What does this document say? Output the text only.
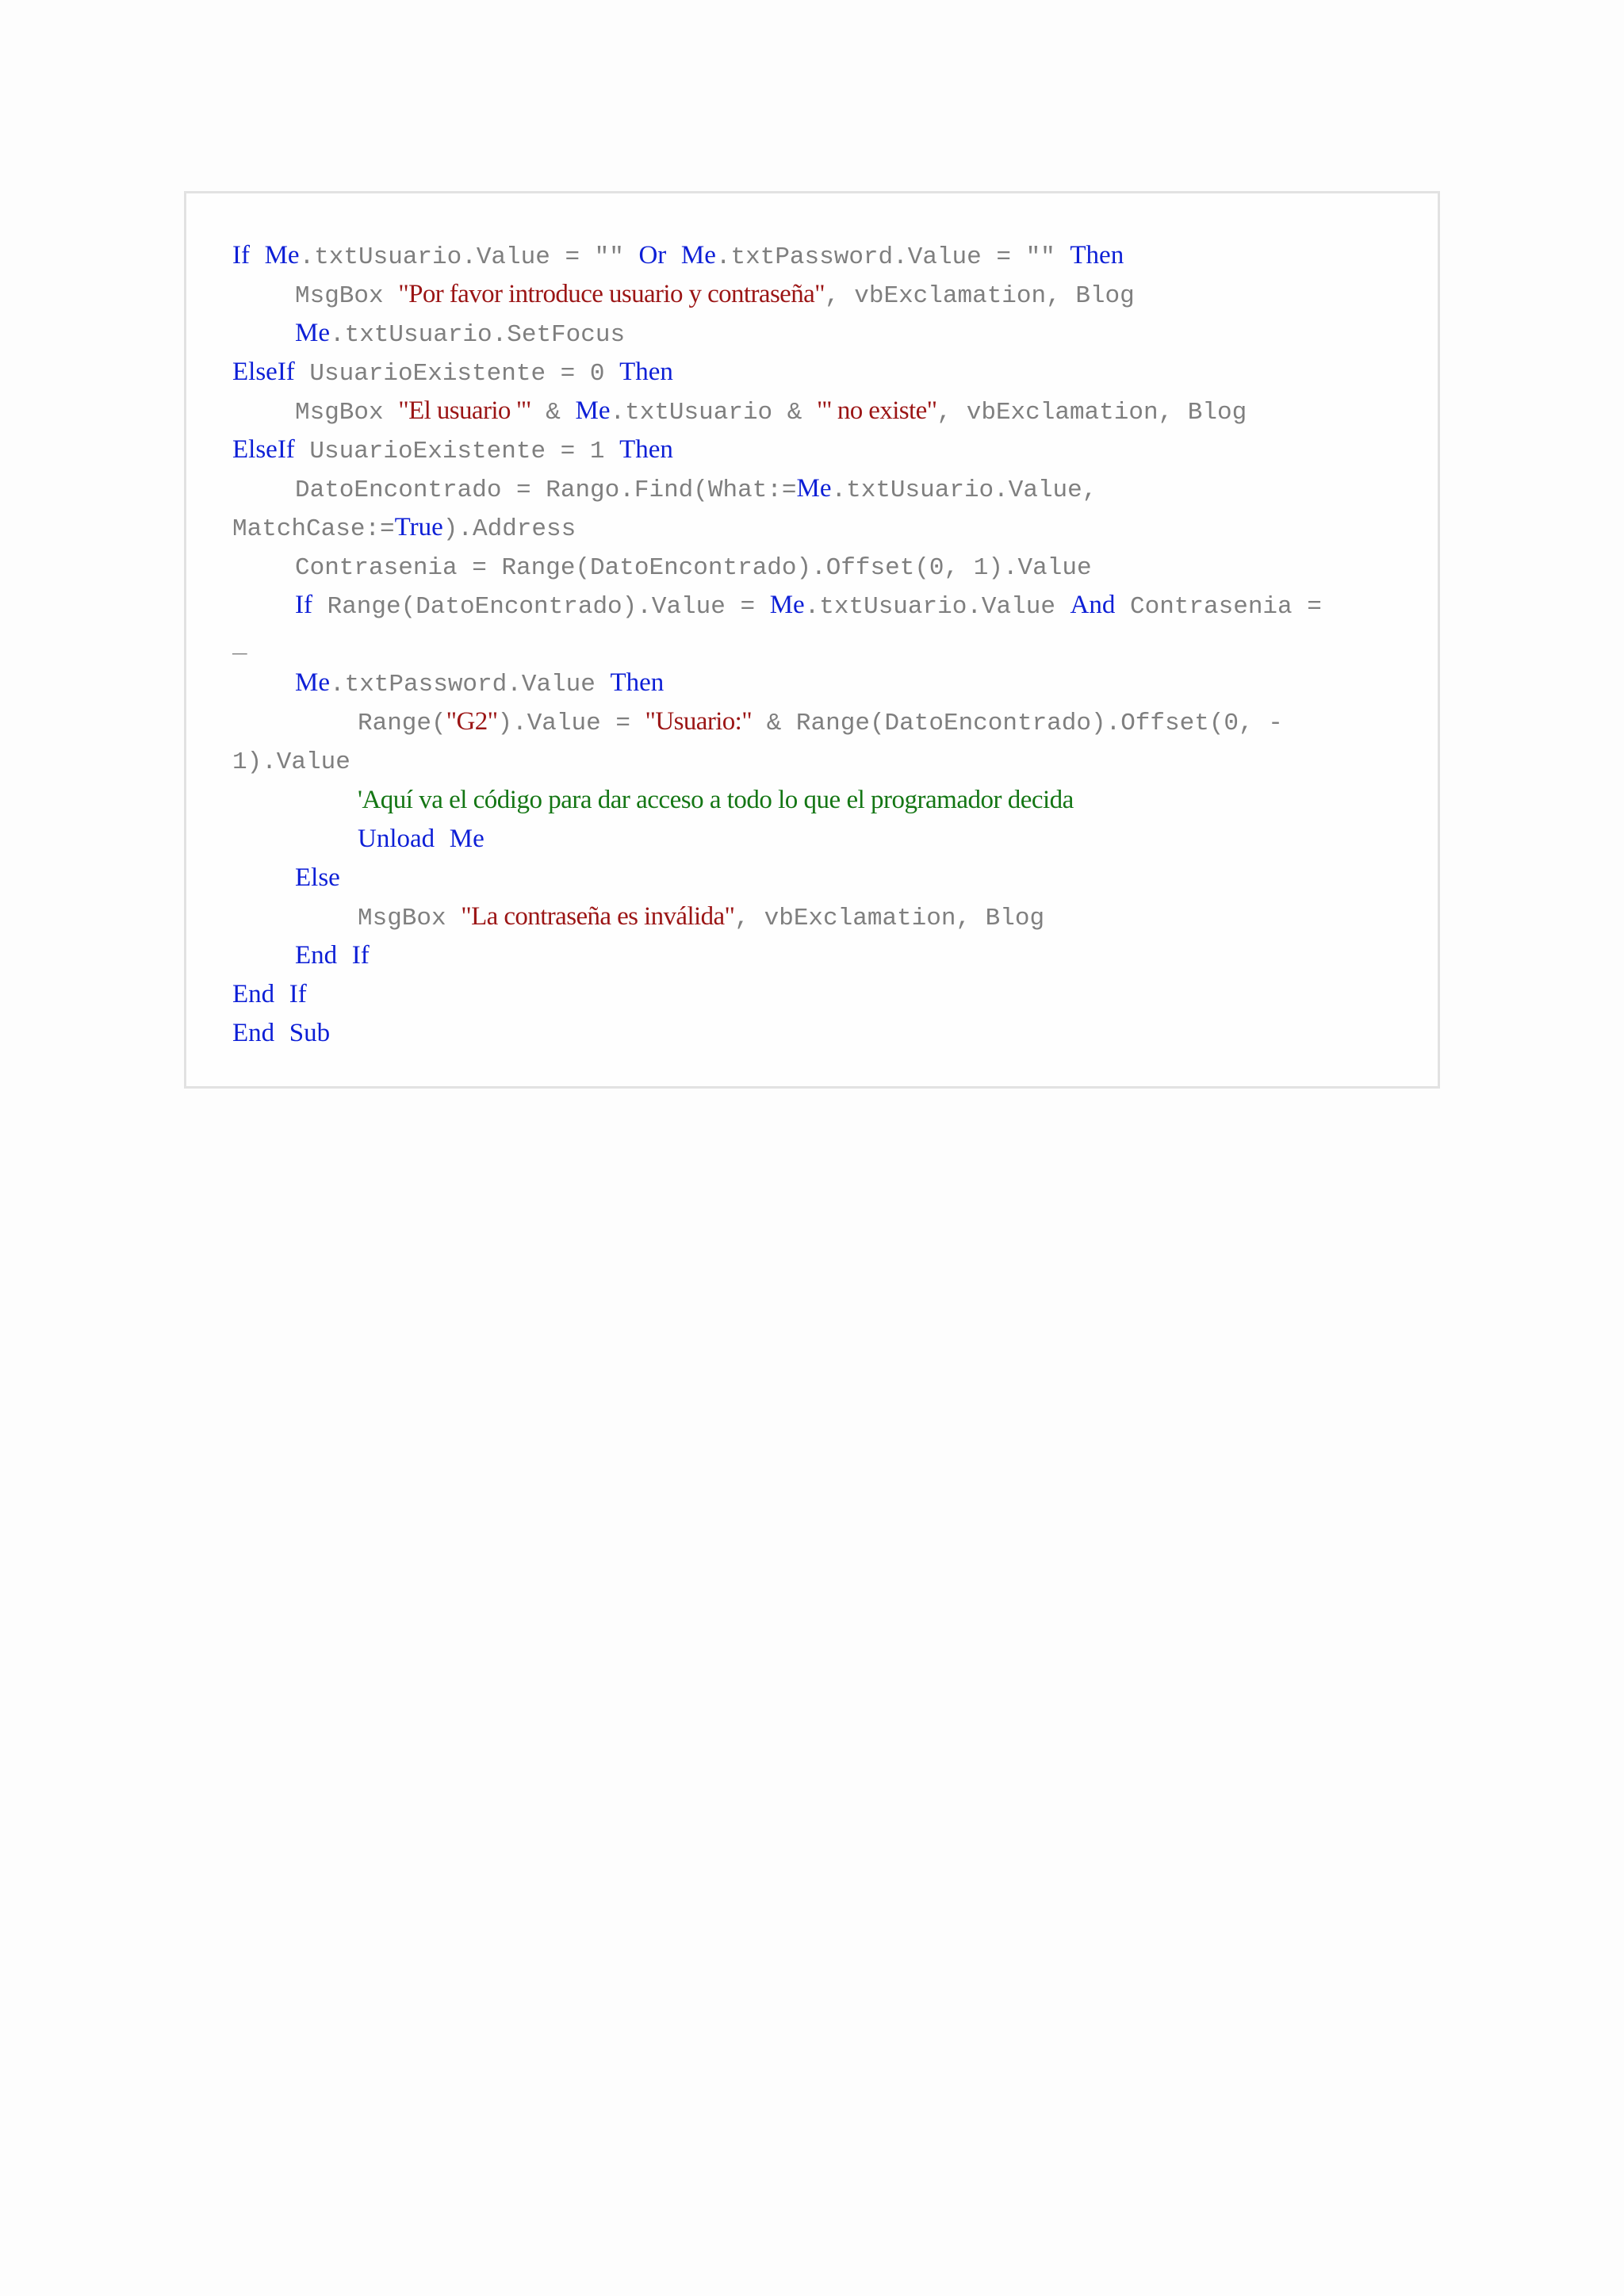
If Me.txtUsuario.Value = "" Or Me.txtPassword.Value = "" Then
MsgBox "Por favor introduce usuario y contraseña", vbExclamation, Blog
Me.txtUsuario.SetFocus
ElseIf UsuarioExistente = 0 Then
MsgBox "El usuario '" & Me.txtUsuario & "' no existe", vbExclamation, Blog
ElseIf UsuarioExistente = 1 Then
DatoEncontrado = Rango.Find(What:=Me.txtUsuario.Value,
MatchCase:=True).Address
Contrasenia = Range(DatoEncontrado).Offset(0, 1).Value
If Range(DatoEncontrado).Value = Me.txtUsuario.Value And Contrasenia =
_
Me.txtPassword.Value Then
Range("G2").Value = "Usuario:" & Range(DatoEncontrado).Offset(0, -
1).Value
'Aquí va el código para dar acceso a todo lo que el programador decida
Unload Me
Else
MsgBox "La contraseña es inválida", vbExclamation, Blog
End If
End If
End Sub
